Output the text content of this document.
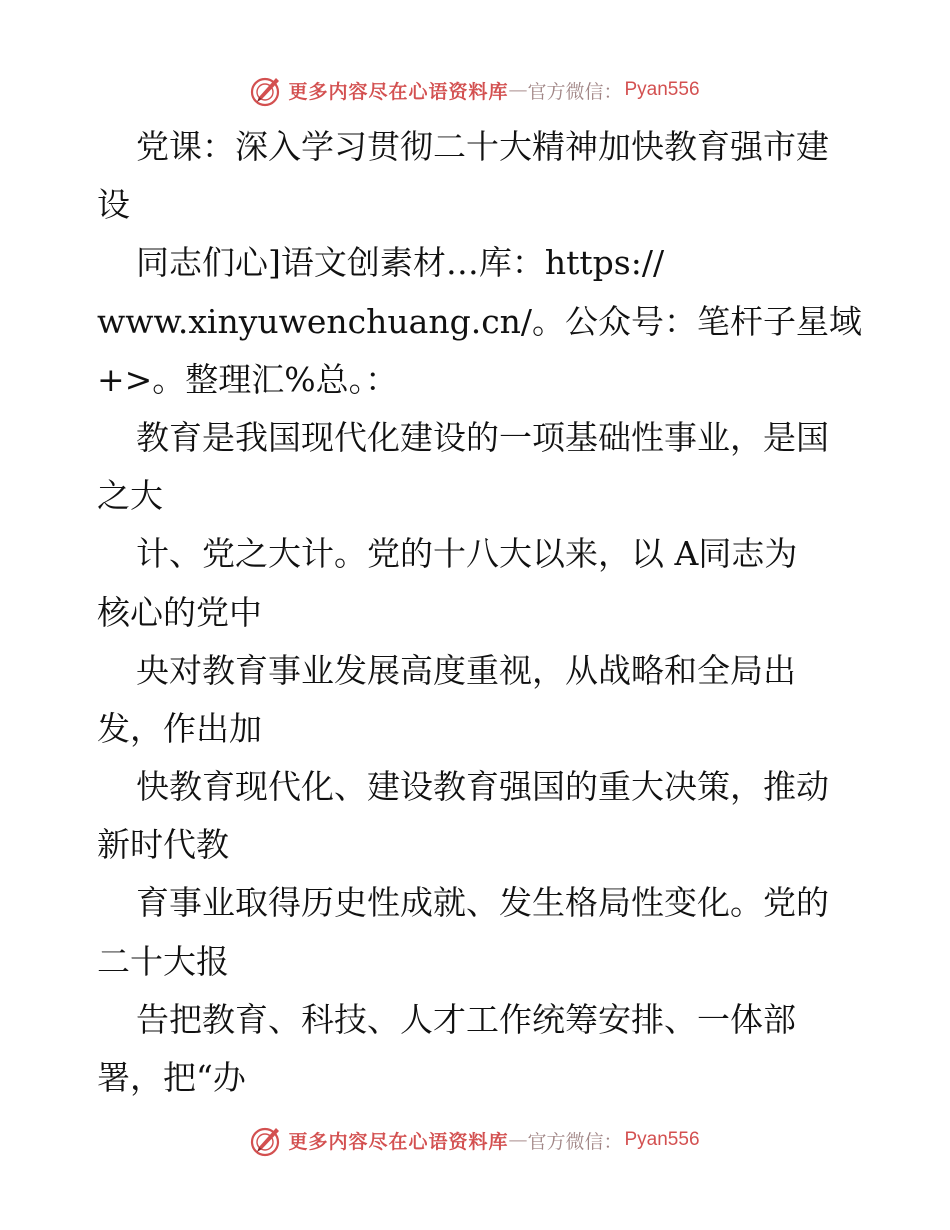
更多内容尽在心语资料库 — 官方微信： Pyan556
党课：深入学习贯彻二十大精神加快教育强市建
设
同志们心]语文创素材…库：https://
www.xinyuwenchuang.cn/。公众号：笔杆子星域
+>。整理汇%总。：
教育是我国现代化建设的一项基础性事业，是国
之大
计、党之大计。党的十八大以来，以 A同志为
核心的党中
央对教育事业发展高度重视，从战略和全局出
发，作出加
快教育现代化、建设教育强国的重大决策，推动
新时代教
育事业取得历史性成就、发生格局性变化。党的
二十大报
告把教育、科技、人才工作统筹安排、一体部
署，把“办
更多内容尽在心语资料库 — 官方微信： Pyan556
